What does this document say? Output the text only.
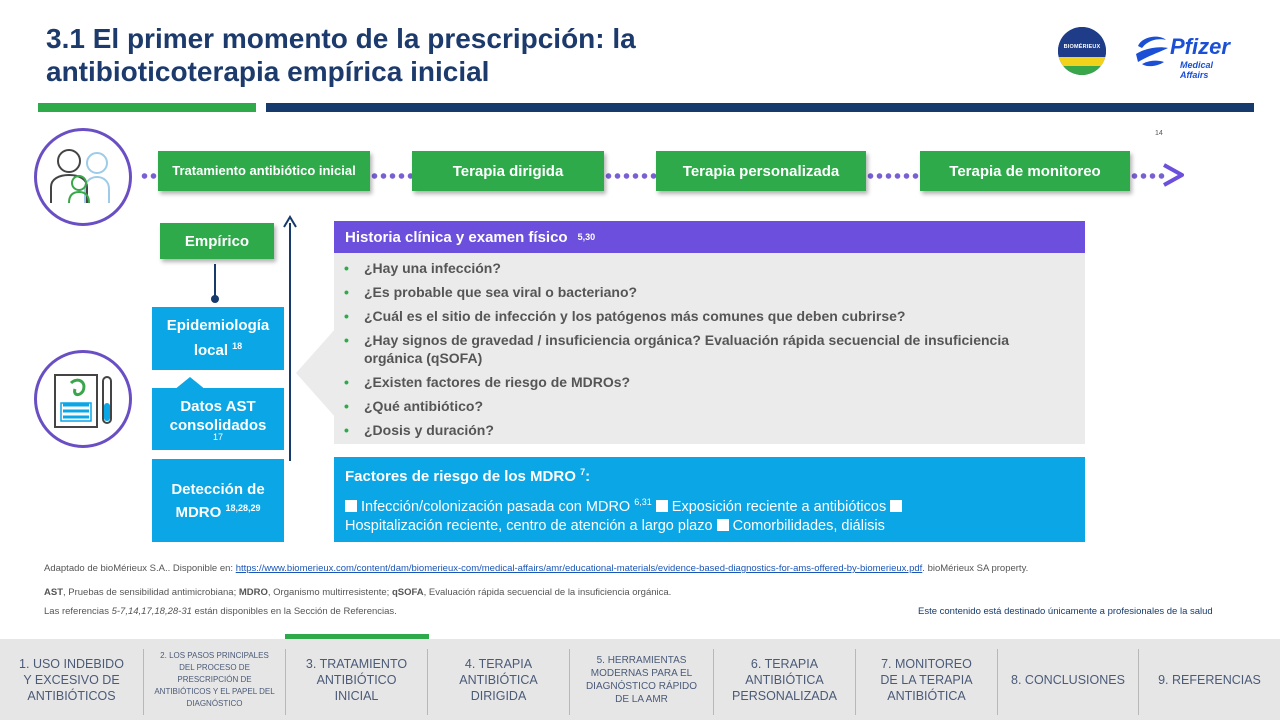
3.1 El primer momento de la prescripción: la
antibioticoterapia empírica inicial
BIOMÉRIEUX	Pfizer
Medical Affairs
14
Tratamiento antibiótico inicial	Terapia dirigida	Terapia personalizada	Terapia de monitoreo
Empírico
Epidemiología local $^{18}$
Datos AST consolidados
17
Detección de MDRO $^{18,28,29}$
Historia clínica y examen físico 5,30
• ¿Hay una infección?
• ¿Es probable que sea viral o bacteriano?
• ¿Cuál es el sitio de infección y los patógenos más comunes que deben cubrirse?
• ¿Hay signos de gravedad / insuficiencia orgánica? Evaluación rápida secuencial de insuficiencia orgánica (qSOFA)
• ¿Existen factores de riesgo de MDROs?
• ¿Qué antibiótico?
• ¿Dosis y duración?
Factores de riesgo de los MDRO $^7$:
Infección/colonización pasada con MDRO $^{6,31}$ Exposición reciente a antibióticos
Hospitalización reciente, centro de atención a largo plazo Comorbilidades, diálisis
Adaptado de bioMérieux S.A.. Disponible en: https://www.biomerieux.com/content/dam/biomerieux-com/medical-affairs/amr/educational-materials/evidence-based-diagnostics-for-ams-offered-by-biomerieux.pdf. bioMérieux SA property.
AST, Pruebas de sensibilidad antimicrobiana; MDRO, Organismo multirresistente; qSOFA, Evaluación rápida secuencial de la insuficiencia orgánica.
Las referencias 5-7,14,17,18,28-31 están disponibles en la Sección de Referencias.	Este contenido está destinado únicamente a profesionales de la salud
1. USO INDEBIDO Y EXCESIVO DE ANTIBIÓTICOS
2. LOS PASOS PRINCIPALES DEL PROCESO DE PRESCRIPCIÓN DE ANTIBIÓTICOS Y EL PAPEL DEL DIAGNÓSTICO
3. TRATAMIENTO ANTIBIÓTICO INICIAL
4. TERAPIA ANTIBIÓTICA DIRIGIDA
5. HERRAMIENTAS MODERNAS PARA EL DIAGNÓSTICO RÁPIDO DE LA AMR
6. TERAPIA ANTIBIÓTICA PERSONALIZADA
7. MONITOREO DE LA TERAPIA ANTIBIÓTICA
8. CONCLUSIONES	9. REFERENCIAS
